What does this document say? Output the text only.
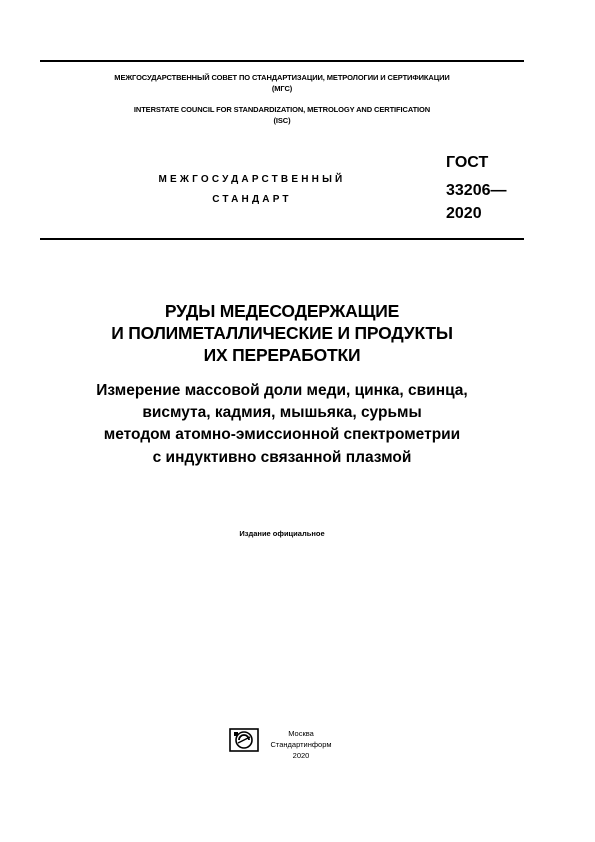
МЕЖГОСУДАРСТВЕННЫЙ СОВЕТ ПО СТАНДАРТИЗАЦИИ, МЕТРОЛОГИИ И СЕРТИФИКАЦИИ
(МГС)
INTERSTATE COUNCIL FOR STANDARDIZATION, METROLOGY AND CERTIFICATION
(ISC)
МЕЖГОСУДАРСТВЕННЫЙ
СТАНДАРТ
ГОСТ
33206—
2020
РУДЫ МЕДЕСОДЕРЖАЩИЕ
И ПОЛИМЕТАЛЛИЧЕСКИЕ И ПРОДУКТЫ
ИХ ПЕРЕРАБОТКИ
Измерение массовой доли меди, цинка, свинца,
висмута, кадмия, мышьяка, сурьмы
методом атомно-эмиссионной спектрометрии
с индуктивно связанной плазмой
Издание официальное
Москва
Стандартинформ
2020
